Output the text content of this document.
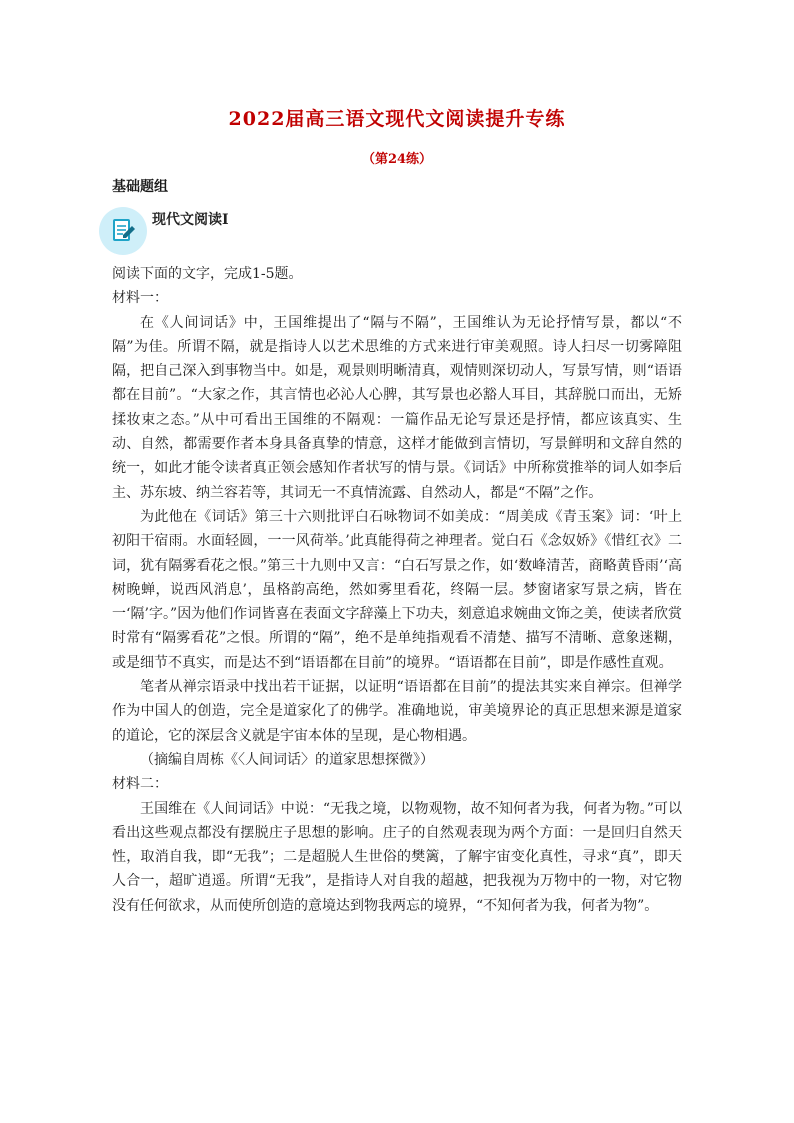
2022届高三语文现代文阅读提升专练
（第24练）
基础题组
现代文阅读Ⅰ

阅读下面的文字，完成1-5题。

材料一：

在《人间词话》中，王国维提出了“隔与不隔”，王国维认为无论抒情写景，都以“不隔”为佳。所谓不隔，就是指诗人以艺术思维的方式来进行审美观照。诗人扫尽一切雾障阻隔，把自己深入到事物当中。如是，观景则明晰清真，观情则深切动人，写景写情，则“语语都在目前”。“大家之作，其言情也必沁人心脾，其写景也必豁人耳目，其辞脱口而出，无矫揉妆束之态。”从中可看出王国维的不隔观：一篇作品无论写景还是抒情，都应该真实、生动、自然，都需要作者本身具备真挚的情意，这样才能做到言情切，写景鲜明和文辞自然的统一，如此才能令读者真正领会感知作者状写的情与景。《词话》中所称赏推举的词人如李后主、苏东坡、纳兰容若等，其词无一不真情流露、自然动人，都是“不隔”之作。

为此他在《词话》第三十六则批评白石咏物词不如美成：“周美成《青玉案》词：‘叶上初阳干宿雨。水面轻圆，一一风荷举。’此真能得荷之神理者。觉白石《念奴娇》《惜红衣》二词，犹有隔雾看花之恨。”第三十九则中又言：“白石写景之作，如‘数峰清苦，商略黄昏雨’‘高树晚蝉，说西风消息’，虽格韵高绝，然如雾里看花，终隔一层。梦窗诸家写景之病，皆在一‘隔’字。”因为他们作词皆喜在表面文字辞藻上下功夫，刻意追求婉曲文饰之美，使读者欣赏时常有“隔雾看花”之恨。所谓的“隔”，绝不是单纯指观看不清楚、描写不清晰、意象迷糊，或是细节不真实，而是达不到“语语都在目前”的境界。“语语都在目前”，即是作感性直观。

笔者从禅宗语录中找出若干证据，以证明“语语都在目前”的提法其实来自禅宗。但禅学作为中国人的创造，完全是道家化了的佛学。准确地说，审美境界论的真正思想来源是道家的道论，它的深层含义就是宇宙本体的呈现，是心物相遇。

（摘编自周栋《〈人间词话〉的道家思想探微》）

材料二：

王国维在《人间词话》中说：“无我之境，以物观物，故不知何者为我，何者为物。”可以看出这些观点都没有摆脱庄子思想的影响。庄子的自然观表现为两个方面：一是回归自然天性，取消自我，即“无我”；二是超脱人生世俗的樊篱，了解宇宙变化真性，寻求“真”，即天人合一，超旷逍遥。所谓“无我”，是指诗人对自我的超越，把我视为万物中的一物，对它物没有任何欲求，从而使所创造的意境达到物我两忘的境界，“不知何者为我，何者为物”。
